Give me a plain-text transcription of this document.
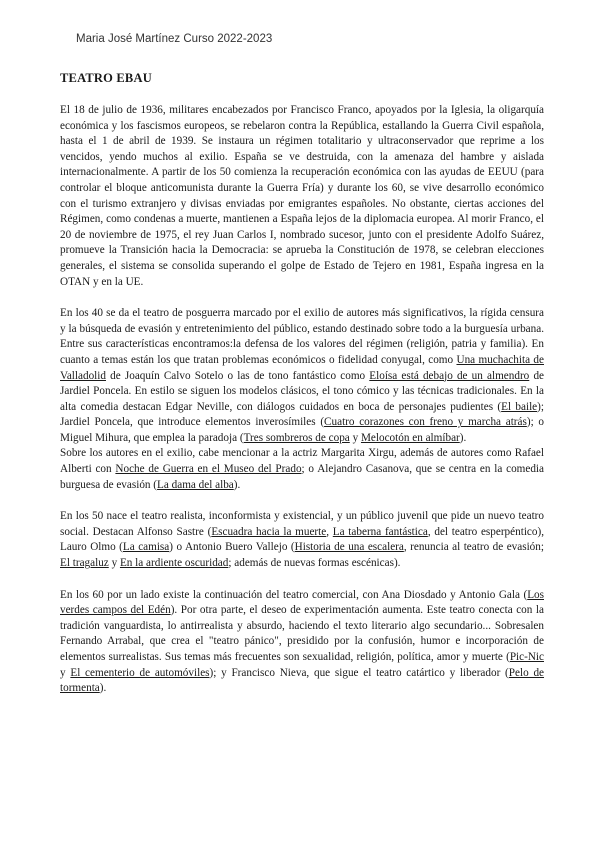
Maria José Martínez Curso 2022-2023
TEATRO EBAU

El 18 de julio de 1936, militares encabezados por Francisco Franco, apoyados por la Iglesia, la oligarquía económica y los fascismos europeos, se rebelaron contra la República, estallando la Guerra Civil española, hasta el 1 de abril de 1939. Se instaura un régimen totalitario y ultraconservador que reprime a los vencidos, yendo muchos al exilio. España se ve destruida, con la amenaza del hambre y aislada internacionalmente. A partir de los 50 comienza la recuperación económica con las ayudas de EEUU (para controlar el bloque anticomunista durante la Guerra Fría) y durante los 60, se vive desarrollo económico con el turismo extranjero y divisas enviadas por emigrantes españoles. No obstante, ciertas acciones del Régimen, como condenas a muerte, mantienen a España lejos de la diplomacia europea. Al morir Franco, el 20 de noviembre de 1975, el rey Juan Carlos I, nombrado sucesor, junto con el presidente Adolfo Suárez, promueve la Transición hacia la Democracia: se aprueba la Constitución de 1978, se celebran elecciones generales, el sistema se consolida superando el golpe de Estado de Tejero en 1981, España ingresa en la OTAN y en la UE.

En los 40 se da el teatro de posguerra marcado por el exilio de autores más significativos, la rígida censura y la búsqueda de evasión y entretenimiento del público, estando destinado sobre todo a la burguesía urbana. Entre sus características encontramos:la defensa de los valores del régimen (religión, patria y familia). En cuanto a temas están los que tratan problemas económicos o fidelidad conyugal, como Una muchachita de Valladolid de Joaquín Calvo Sotelo o las de tono fantástico como Eloísa está debajo de un almendro de Jardiel Poncela. En estilo se siguen los modelos clásicos, el tono cómico y las técnicas tradicionales. En la alta comedia destacan Edgar Neville, con diálogos cuidados en boca de personajes pudientes (El baile); Jardiel Poncela, que introduce elementos inverosímiles (Cuatro corazones con freno y marcha atrás); o Miguel Mihura, que emplea la paradoja (Tres sombreros de copa y Melocotón en almíbar).

Sobre los autores en el exilio, cabe mencionar a la actriz Margarita Xirgu, además de autores como Rafael Alberti con Noche de Guerra en el Museo del Prado; o Alejandro Casanova, que se centra en la comedia burguesa de evasión (La dama del alba).

En los 50 nace el teatro realista, inconformista y existencial, y un público juvenil que pide un nuevo teatro social. Destacan Alfonso Sastre (Escuadra hacia la muerte, La taberna fantástica, del teatro esperpéntico), Lauro Olmo (La camisa) o Antonio Buero Vallejo (Historia de una escalera, renuncia al teatro de evasión; El tragaluz y En la ardiente oscuridad; además de nuevas formas escénicas).

En los 60 por un lado existe la continuación del teatro comercial, con Ana Diosdado y Antonio Gala (Los verdes campos del Edén). Por otra parte, el deseo de experimentación aumenta. Este teatro conecta con la tradición vanguardista, lo antirrealista y absurdo, haciendo el texto literario algo secundario... Sobresalen Fernando Arrabal, que crea el "teatro pánico", presidido por la confusión, humor e incorporación de elementos surrealistas. Sus temas más frecuentes son sexualidad, religión, política, amor y muerte (Pic-Nic y El cementerio de automóviles); y Francisco Nieva, que sigue el teatro catártico y liberador (Pelo de tormenta).
